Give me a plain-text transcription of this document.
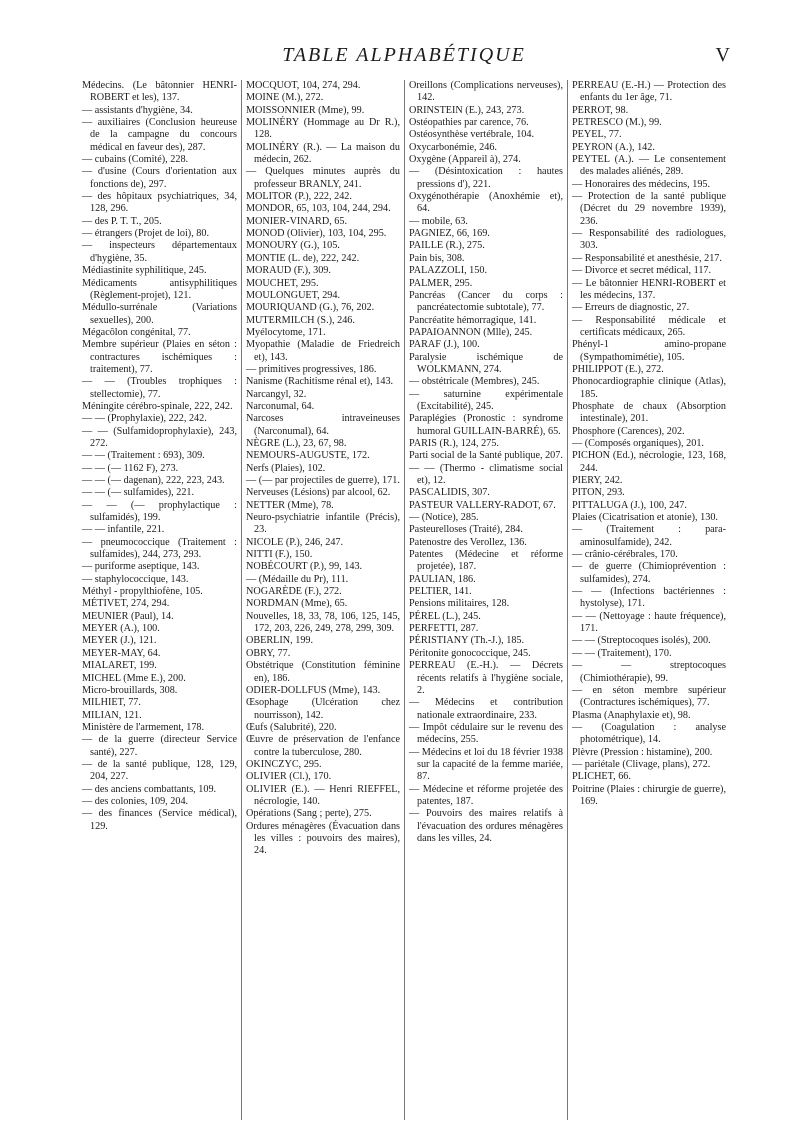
TABLE ALPHABÉTIQUE	V
Médecins. (Le bâtonnier HENRI-ROBERT et les), 137.
— assistants d'hygiène, 34.
— auxiliaires (Conclusion heureuse de la campagne du concours médical en faveur des), 287.
— cubains (Comité), 228.
— d'usine (Cours d'orientation aux fonctions de), 297.
— des hôpitaux psychiatriques, 34, 128, 296.
— des P. T. T., 205.
— étrangers (Projet de loi), 80.
— inspecteurs départementaux d'hygiène, 35.
Médiastinite syphilitique, 245.
Médicaments antisyphilitiques (Règlement-projet), 121.
Médullo-surrénale (Variations sexuelles), 200.
Mégacôlon congénital, 77.
Membre supérieur (Plaies en séton : contractures ischémiques : traitement), 77.
— — (Troubles trophiques : stellectomie), 77.
Méningite cérébro-spinale, 222, 242.
— — (Prophylaxie), 222, 242.
— — (Sulfamidoprophylaxie), 243, 272.
— — (Traitement : 693), 309.
— — (— 1162 F), 273.
— — (— dagenan), 222, 223, 243.
— — (— sulfamides), 221.
— — (— prophylactique : sulfamidés), 199.
— — infantile, 221.
— pneumococcique (Traitement : sulfamides), 244, 273, 293.
— puriforme aseptique, 143.
— staphylococcique, 143.
Méthyl - propylthiofène, 105.
MÉTIVET, 274, 294.
MEUNIER (Paul), 14.
MEYER (A.), 100.
MEYER (J.), 121.
MEYER-MAY, 64.
MIALARET, 199.
MICHEL (Mme E.), 200.
Micro-brouillards, 308.
MILHIET, 77.
MILIAN, 121.
Ministère de l'armement, 178.
— de la guerre (directeur Service santé), 227.
— de la santé publique, 128, 129, 204, 227.
— des anciens combattants, 109.
— des colonies, 109, 204.
— des finances (Service médical), 129.
MOCQUOT, 104, 274, 294.
MOINE (M.), 272.
MOISSONNIER (Mme), 99.
MOLINÉRY (Hommage au Dr R.), 128.
MOLINÉRY (R.). — La maison du médecin, 262.
— Quelques minutes auprès du professeur BRANLY, 241.
MOLITOR (P.), 222, 242.
MONDOR, 65, 103, 104, 244, 294.
MONIER-VINARD, 65.
MONOD (Olivier), 103, 104, 295.
MONOURY (G.), 105.
MONTIE (L. de), 222, 242.
MORAUD (F.), 309.
MOUCHET, 295.
MOULONGUET, 294.
MOURIQUAND (G.), 76, 202.
MUTERMILCH (S.), 246.
Myélocytome, 171.
Myopathie (Maladie de Friedreich et), 143.
— primitives progressives, 186.
Nanisme (Rachitisme rénal et), 143.
Narcangyl, 32.
Narconumal, 64.
Narcoses intraveineuses (Narconumal), 64.
NÈGRE (L.), 23, 67, 98.
NEMOURS-AUGUSTE, 172.
Nerfs (Plaies), 102.
— (— par projectiles de guerre), 171.
Nerveuses (Lésions) par alcool, 62.
NETTER (Mme), 78.
Neuro-psychiatrie infantile (Précis), 23.
NICOLE (P.), 246, 247.
NITTI (F.), 150.
NOBÉCOURT (P.), 99, 143.
— (Médaille du Pr), 111.
NOGARÈDE (F.), 272.
NORDMAN (Mme), 65.
Nouvelles, 18, 33, 78, 106, 125, 145, 172, 203, 226, 249, 278, 299, 309.
OBERLIN, 199.
OBRY, 77.
Obstétrique (Constitution féminine en), 186.
ODIER-DOLLFUS (Mme), 143.
Œsophage (Ulcération chez nourrisson), 142.
Œufs (Salubrité), 220.
Œuvre de préservation de l'enfance contre la tuberculose, 280.
OKINCZYC, 295.
OLIVIER (Cl.), 170.
OLIVIER (E.). — Henri RIEFFEL, nécrologie, 140.
Opérations (Sang ; perte), 275.
Ordures ménagères (Évacuation dans les villes : pouvoirs des maires), 24.
Oreillons (Complications nerveuses), 142.
ORINSTEIN (E.), 243, 273.
Ostéopathies par carence, 76.
Ostéosynthèse vertébrale, 104.
Oxycarbonémie, 246.
Oxygène (Appareil à), 274.
— (Désintoxication : hautes pressions d'), 221.
Oxygénothérapie (Anoxhémie et), 64.
— mobile, 63.
PAGNIEZ, 66, 169.
PAILLE (R.), 275.
Pain bis, 308.
PALAZZOLI, 150.
PALMER, 295.
Pancréas (Cancer du corps : pancréatectomie subtotale), 77.
Pancréatite hémorragique, 141.
PAPAIOANNON (Mlle), 245.
PARAF (J.), 100.
Paralysie ischémique de WOLKMANN, 274.
— obstétricale (Membres), 245.
— saturnine expérimentale (Excitabilité), 245.
Paraplégies (Pronostic : syndrome humoral GUILLAIN-BARRÉ), 65.
PARIS (R.), 124, 275.
Parti social de la Santé publique, 207.
— — (Thermo - climatisme social et), 12.
PASCALIDIS, 307.
PASTEUR VALLERY-RADOT, 67.
— (Notice), 285.
Pasteurelloses (Traité), 284.
Patenostre des Verollez, 136.
Patentes (Médecine et réforme projetée), 187.
PAULIAN, 186.
PELTIER, 141.
Pensions militaires, 128.
PÉREL (L.), 245.
PERFETTI, 287.
PÉRISTIANY (Th.-J.), 185.
Péritonite gonococcique, 245.
PERREAU (E.-H.). — Décrets récents relatifs à l'hygiène sociale, 2.
— Médecins et contribution nationale extraordinaire, 233.
— Impôt cédulaire sur le revenu des médecins, 255.
— Médecins et loi du 18 février 1938 sur la capacité de la femme mariée, 87.
— Médecine et réforme projetée des patentes, 187.
— Pouvoirs des maires relatifs à l'évacuation des ordures ménagères dans les villes, 24.
PERREAU (E.-H.) — Protection des enfants du 1er âge, 71.
PERROT, 98.
PETRESCO (M.), 99.
PEYEL, 77.
PEYRON (A.), 142.
PEYTEL (A.). — Le consentement des malades aliénés, 289.
— Honoraires des médecins, 195.
— Protection de la santé publique (Décret du 29 novembre 1939), 236.
— Responsabilité des radiologues, 303.
— Responsabilité et anesthésie, 217.
— Divorce et secret médical, 117.
— Le bâtonnier HENRI-ROBERT et les médecins, 137.
— Erreurs de diagnostic, 27.
— Responsabilité médicale et certificats médicaux, 265.
Phényl-1 amino-propane (Sympathomimétie), 105.
PHILIPPOT (E.), 272.
Phonocardiographie clinique (Atlas), 185.
Phosphate de chaux (Absorption intestinale), 201.
Phosphore (Carences), 202.
— (Composés organiques), 201.
PICHON (Ed.), nécrologie, 123, 168, 244.
PIERY, 242.
PITON, 293.
PITTALUGA (J.), 100, 247.
Plaies (Cicatrisation et atonie), 130.
— (Traitement : para-aminosulfamide), 242.
— crânio-cérébrales, 170.
— de guerre (Chimioprévention : sulfamides), 274.
— — (Infections bactériennes : hystolyse), 171.
— — (Nettoyage : haute fréquence), 171.
— — (Streptocoques isolés), 200.
— — (Traitement), 170.
— — streptocoques (Chimiothérapie), 99.
— en séton membre supérieur (Contractures ischémiques), 77.
Plasma (Anaphylaxie et), 98.
— (Coagulation : analyse photométrique), 14.
Plèvre (Pression : histamine), 200.
— pariétale (Clivage, plans), 272.
PLICHET, 66.
Poitrine (Plaies : chirurgie de guerre), 169.
